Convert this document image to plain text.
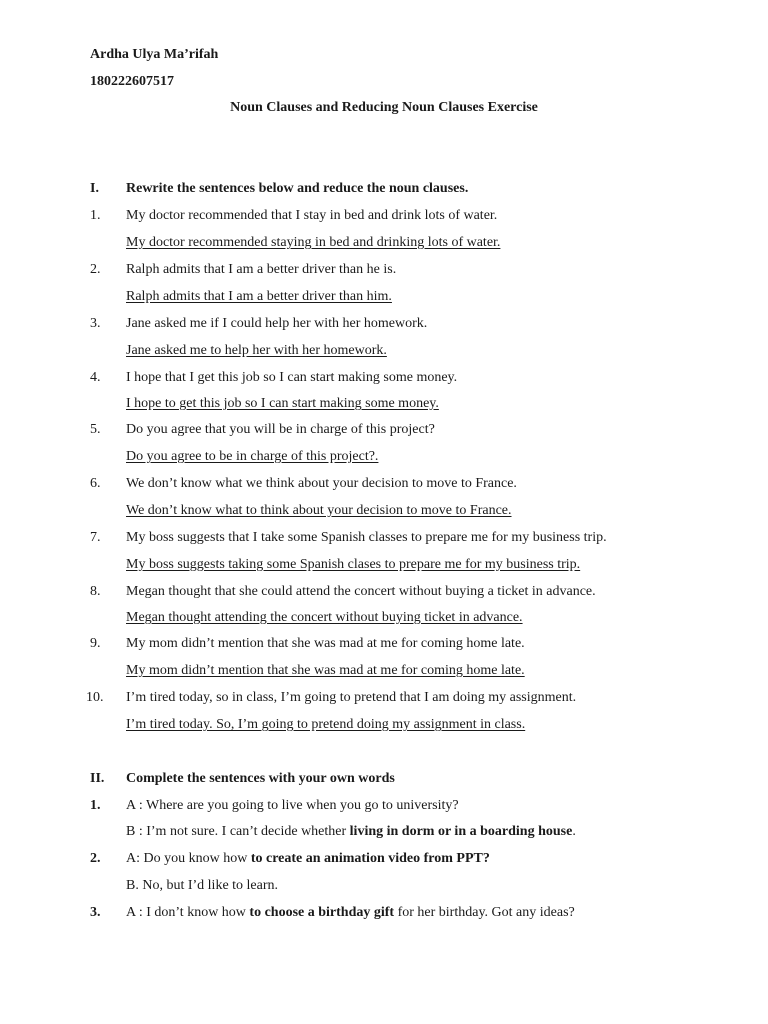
Ardha Ulya Ma’rifah
180222607517
Noun Clauses and Reducing Noun Clauses Exercise
I. Rewrite the sentences below and reduce the noun clauses.
1. My doctor recommended that I stay in bed and drink lots of water.
My doctor recommended staying in bed and drinking lots of water.
2. Ralph admits that I am a better driver than he is.
Ralph admits that I am a better driver than him.
3. Jane asked me if I could help her with her homework.
Jane asked me to help her with her homework.
4. I hope that I get this job so I can start making some money.
I hope to get this job so I can start making some money.
5. Do you agree that you will be in charge of this project?
Do you agree to be in charge of this project?.
6. We don’t know what we think about your decision to move to France.
We don’t know what to think about your decision to move to France.
7. My boss suggests that I take some Spanish classes to prepare me for my business trip.
My boss suggests taking some Spanish clases to prepare me for my business trip.
8. Megan thought that she could attend the concert without buying a ticket in advance.
Megan thought attending the concert without buying ticket in advance.
9. My mom didn’t mention that she was mad at me for coming home late.
My mom didn’t mention that she was mad at me for coming home late.
10. I’m tired today, so in class, I’m going to pretend that I am doing my assignment.
I’m tired today. So, I’m going to pretend doing my assignment in class.
II. Complete the sentences with your own words
1. A : Where are you going to live when you go to university?
B : I’m not sure. I can’t decide whether living in dorm or in a boarding house.
2. A: Do you know how to create an animation video from PPT?
B. No, but I’d like to learn.
3. A : I don’t know how to choose a birthday gift for her birthday. Got any ideas?
